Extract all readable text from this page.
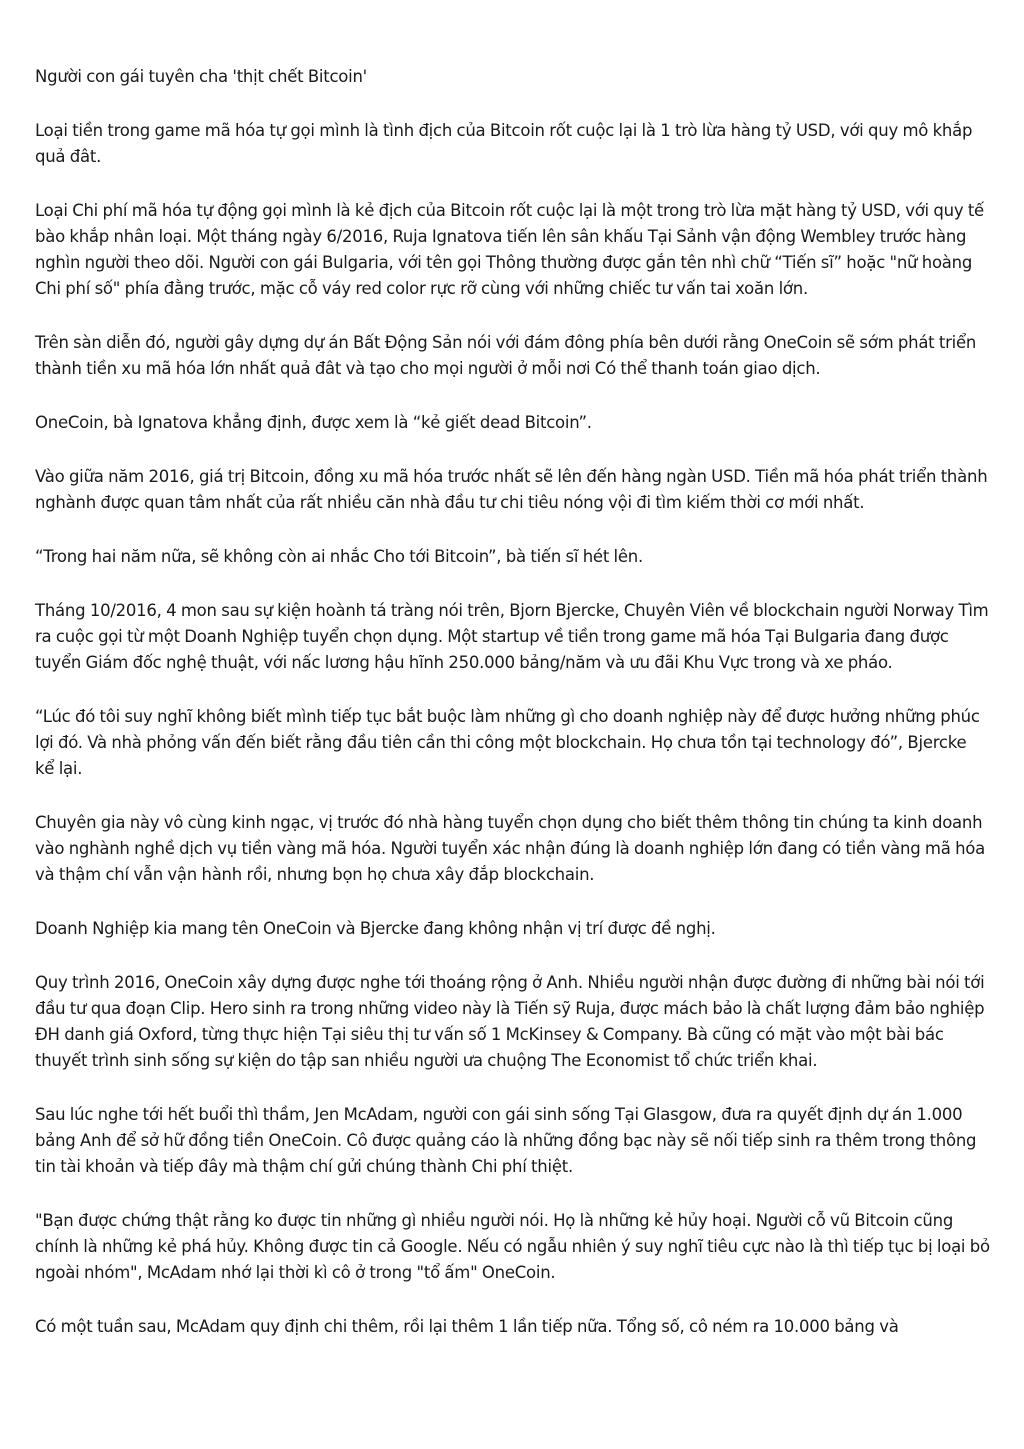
Người con gái tuyên cha 'thịt chết Bitcoin'

Loại tiền trong game mã hóa tự gọi mình là tình địch của Bitcoin rốt cuộc lại là 1 trò lừa hàng tỷ USD, với quy mô khắp quả đât.

Loại Chi phí mã hóa tự động gọi mình là kẻ địch của Bitcoin rốt cuộc lại là một trong trò lừa mặt hàng tỷ USD, với quy tế bào khắp nhân loại. Một tháng ngày 6/2016, Ruja Ignatova tiến lên sân khấu Tại Sảnh vận động Wembley trước hàng nghìn người theo dõi. Người con gái Bulgaria, với tên gọi Thông thường được gắn tên nhì chữ “Tiến sĩ” hoặc "nữ hoàng Chi phí số" phía đằng trước, mặc cỗ váy red color rực rỡ cùng với những chiếc tư vấn tai xoăn lớn.

Trên sàn diễn đó, người gây dựng dự án Bất Động Sản nói với đám đông phía bên dưới rằng OneCoin sẽ sớm phát triển thành tiền xu mã hóa lớn nhất quả đât và tạo cho mọi người ở mỗi nơi Có thể thanh toán giao dịch.

OneCoin, bà Ignatova khẳng định, được xem là “kẻ giết dead Bitcoin”.

Vào giữa năm 2016, giá trị Bitcoin, đồng xu mã hóa trước nhất sẽ lên đến hàng ngàn USD. Tiền mã hóa phát triển thành nghành được quan tâm nhất của rất nhiều căn nhà đầu tư chi tiêu nóng vội đi tìm kiếm thời cơ mới nhất.

“Trong hai năm nữa, sẽ không còn ai nhắc Cho tới Bitcoin”, bà tiến sĩ hét lên.

Tháng 10/2016, 4 mon sau sự kiện hoành tá tràng nói trên, Bjorn Bjercke, Chuyên Viên về blockchain người Norway Tìm ra cuộc gọi từ một Doanh Nghiệp tuyển chọn dụng. Một startup về tiền trong game mã hóa Tại Bulgaria đang được tuyển Giám đốc nghệ thuật, với nấc lương hậu hĩnh 250.000 bảng/năm và ưu đãi Khu Vực trong và xe pháo.

“Lúc đó tôi suy nghĩ không biết mình tiếp tục bắt buộc làm những gì cho doanh nghiệp này để được hưởng những phúc lợi đó. Và nhà phỏng vấn đến biết rằng đầu tiên cần thi công một blockchain. Họ chưa tồn tại technology đó”, Bjercke kể lại.

Chuyên gia này vô cùng kinh ngạc, vị trước đó nhà hàng tuyển chọn dụng cho biết thêm thông tin chúng ta kinh doanh vào nghành nghề dịch vụ tiền vàng mã hóa. Người tuyển xác nhận đúng là doanh nghiệp lớn đang có tiền vàng mã hóa và thậm chí vẫn vận hành rồi, nhưng bọn họ chưa xây đắp blockchain.

Doanh Nghiệp kia mang tên OneCoin và Bjercke đang không nhận vị trí được đề nghị.

Quy trình 2016, OneCoin xây dựng được nghe tới thoáng rộng ở Anh. Nhiều người nhận được đường đi những bài nói tới đầu tư qua đoạn Clip. Hero sinh ra trong những video này là Tiến sỹ Ruja, được mách bảo là chất lượng đảm bảo nghiệp ĐH danh giá Oxford, từng thực hiện Tại siêu thị tư vấn số 1 McKinsey & Company. Bà cũng có mặt vào một bài bác thuyết trình sinh sống sự kiện do tập san nhiều người ưa chuộng The Economist tổ chức triển khai.

Sau lúc nghe tới hết buổi thì thầm, Jen McAdam, người con gái sinh sống Tại Glasgow, đưa ra quyết định dự án 1.000 bảng Anh để sở hữ đồng tiền OneCoin. Cô được quảng cáo là những đồng bạc này sẽ nối tiếp sinh ra thêm trong thông tin tài khoản và tiếp đây mà thậm chí gửi chúng thành Chi phí thiệt.

"Bạn được chứng thật rằng ko được tin những gì nhiều người nói. Họ là những kẻ hủy hoại. Người cỗ vũ Bitcoin cũng chính là những kẻ phá hủy. Không được tin cả Google. Nếu có ngẫu nhiên ý suy nghĩ tiêu cực nào là thì tiếp tục bị loại bỏ ngoài nhóm", McAdam nhớ lại thời kì cô ở trong "tổ ấm" OneCoin.

Có một tuần sau, McAdam quy định chi thêm, rồi lại thêm 1 lần tiếp nữa. Tổng số, cô ném ra 10.000 bảng và
